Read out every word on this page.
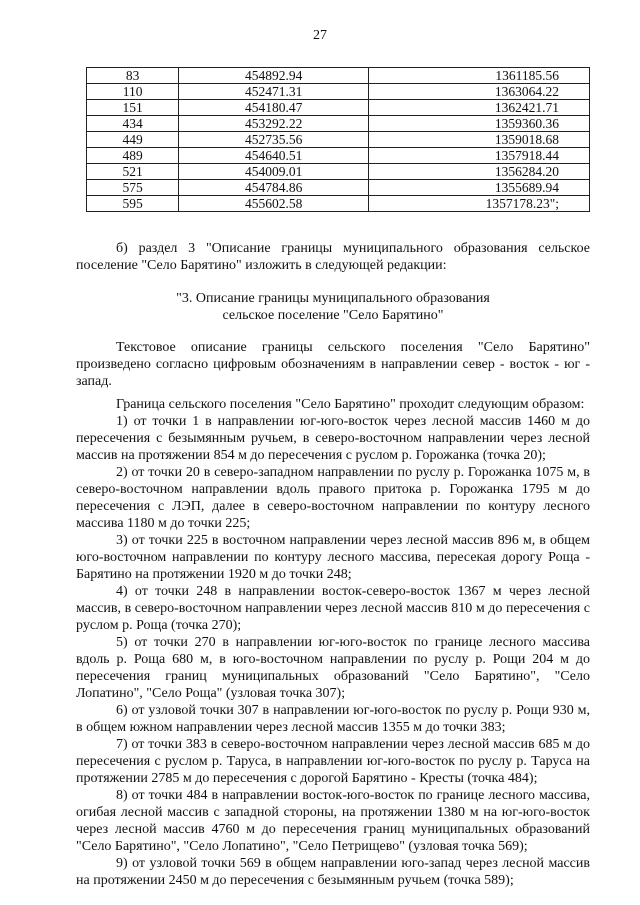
27
83	454892.94	1361185.56
110	452471.31	1363064.22
151	454180.47	1362421.71
434	453292.22	1359360.36
449	452735.56	1359018.68
489	454640.51	1357918.44
521	454009.01	1356284.20
575	454784.86	1355689.94
595	455602.58	1357178.23";

б) раздел 3 "Описание границы муниципального образования сельское поселение "Село Барятино" изложить в следующей редакции:

"3. Описание границы муниципального образования
сельское поселение "Село Барятино"

Текстовое описание границы сельского поселения "Село Барятино" произведено согласно цифровым обозначениям в направлении север - восток - юг - запад.

Граница сельского поселения "Село Барятино" проходит следующим образом:

1) от точки 1 в направлении юг-юго-восток через лесной массив 1460 м до пересечения с безымянным ручьем, в северо-восточном направлении через лесной массив на протяжении 854 м до пересечения с руслом р. Горожанка (точка 20);

2) от точки 20 в северо-западном направлении по руслу р. Горожанка 1075 м, в северо-восточном направлении вдоль правого притока р. Горожанка 1795 м до пересечения с ЛЭП, далее в северо-восточном направлении по контуру лесного массива 1180 м до точки 225;

3) от точки 225 в восточном направлении через лесной массив 896 м, в общем юго-восточном направлении по контуру лесного массива, пересекая дорогу Роща - Барятино на протяжении 1920 м до точки 248;

4) от точки 248 в направлении восток-северо-восток 1367 м через лесной массив, в северо-восточном направлении через лесной массив 810 м до пересечения с руслом р. Роща (точка 270);

5) от точки 270 в направлении юг-юго-восток по границе лесного массива вдоль р. Роща 680 м, в юго-восточном направлении по руслу р. Рощи 204 м до пересечения границ муниципальных образований "Село Барятино", "Село Лопатино", "Село Роща" (узловая точка 307);

6) от узловой точки 307 в направлении юг-юго-восток по руслу р. Рощи 930 м, в общем южном направлении через лесной массив 1355 м до точки 383;

7) от точки 383 в северо-восточном направлении через лесной массив 685 м до пересечения с руслом р. Таруса, в направлении юг-юго-восток по руслу р. Таруса на протяжении 2785 м до пересечения с дорогой Барятино - Кресты (точка 484);

8) от точки 484 в направлении восток-юго-восток по границе лесного массива, огибая лесной массив с западной стороны, на протяжении 1380 м на юг-юго-восток через лесной массив 4760 м до пересечения границ муниципальных образований "Село Барятино", "Село Лопатино", "Село Петрищево" (узловая точка 569);

9) от узловой точки 569 в общем направлении юго-запад через лесной массив на протяжении 2450 м до пересечения с безымянным ручьем (точка 589);
